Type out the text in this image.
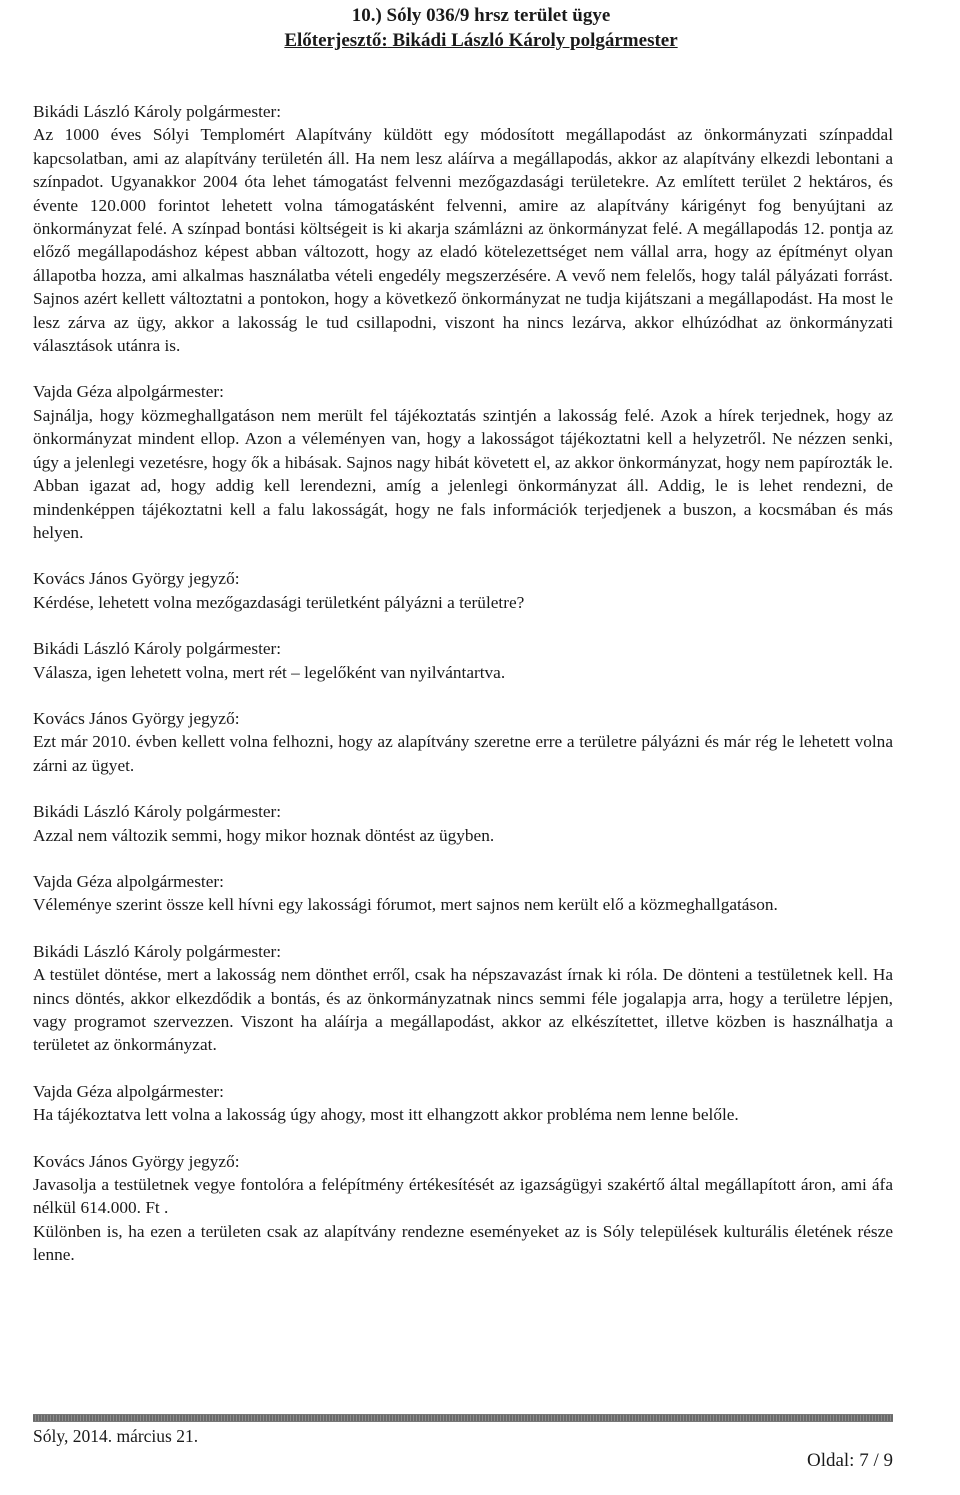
10.) Sóly 036/9 hrsz terület ügye
Előterjesztő: Bikádi László Károly polgármester
Bikádi László Károly polgármester:

Az 1000 éves Sólyi Templomért Alapítvány küldött egy módosított megállapodást az önkormányzati színpaddal kapcsolatban, ami az alapítvány területén áll. Ha nem lesz aláírva a megállapodás, akkor az alapítvány elkezdi lebontani a színpadot. Ugyanakkor 2004 óta lehet támogatást felvenni mezőgazdasági területekre. Az említett terület 2 hektáros, és évente 120.000 forintot lehetett volna támogatásként felvenni, amire az alapítvány kárigényt fog benyújtani az önkormányzat felé. A színpad bontási költségeit is ki akarja számlázni az önkormányzat felé. A megállapodás 12. pontja az előző megállapodáshoz képest abban változott, hogy az eladó kötelezettséget nem vállal arra, hogy az építményt olyan állapotba hozza, ami alkalmas használatba vételi engedély megszerzésére. A vevő nem felelős, hogy talál pályázati forrást. Sajnos azért kellett változtatni a pontokon, hogy a következő önkormányzat ne tudja kijátszani a megállapodást. Ha most le lesz zárva az ügy, akkor a lakosság le tud csillapodni, viszont ha nincs lezárva, akkor elhúzódhat az önkormányzati választások utánra is.

Vajda Géza alpolgármester:

Sajnálja, hogy közmeghallgatáson nem merült fel tájékoztatás szintjén a lakosság felé. Azok a hírek terjednek, hogy az önkormányzat mindent ellop. Azon a véleményen van, hogy a lakosságot tájékoztatni kell a helyzetről. Ne nézzen senki, úgy a jelenlegi vezetésre, hogy ők a hibásak. Sajnos nagy hibát követett el, az akkor önkormányzat, hogy nem papírozták le. Abban igazat ad, hogy addig kell lerendezni, amíg a jelenlegi önkormányzat áll. Addig, le is lehet rendezni, de mindenképpen tájékoztatni kell a falu lakosságát, hogy ne fals információk terjedjenek a buszon, a kocsmában és más helyen.

Kovács János György jegyző:

Kérdése, lehetett volna mezőgazdasági területként pályázni a területre?

Bikádi László Károly polgármester:

Válasza, igen lehetett volna, mert rét – legelőként van nyilvántartva.

Kovács János György jegyző:

Ezt már 2010. évben kellett volna felhozni, hogy az alapítvány szeretne erre a területre pályázni és már rég le lehetett volna zárni az ügyet.

Bikádi László Károly polgármester:

Azzal nem változik semmi, hogy mikor hoznak döntést az ügyben.

Vajda Géza alpolgármester:

Véleménye szerint össze kell hívni egy lakossági fórumot, mert sajnos nem került elő a közmeghallgatáson.

Bikádi László Károly polgármester:

A testület döntése, mert a lakosság nem dönthet erről, csak ha népszavazást írnak ki róla. De dönteni a testületnek kell. Ha nincs döntés, akkor elkezdődik a bontás, és az önkormányzatnak nincs semmi féle jogalapja arra, hogy a területre lépjen, vagy programot szervezzen. Viszont ha aláírja a megállapodást, akkor az elkészítettet, illetve közben is használhatja a területet az önkormányzat.

Vajda Géza alpolgármester:

Ha tájékoztatva lett volna a lakosság úgy ahogy, most itt elhangzott akkor probléma nem lenne belőle.

Kovács János György jegyző:

Javasolja a testületnek vegye fontolóra a felépítmény értékesítését az igazságügyi szakértő által megállapított áron, ami áfa nélkül 614.000. Ft .

Különben is, ha ezen a területen csak az alapítvány rendezne eseményeket az is Sóly települések kulturális életének része lenne.

Sóly, 2014. március 21.
Oldal: 7 / 9
